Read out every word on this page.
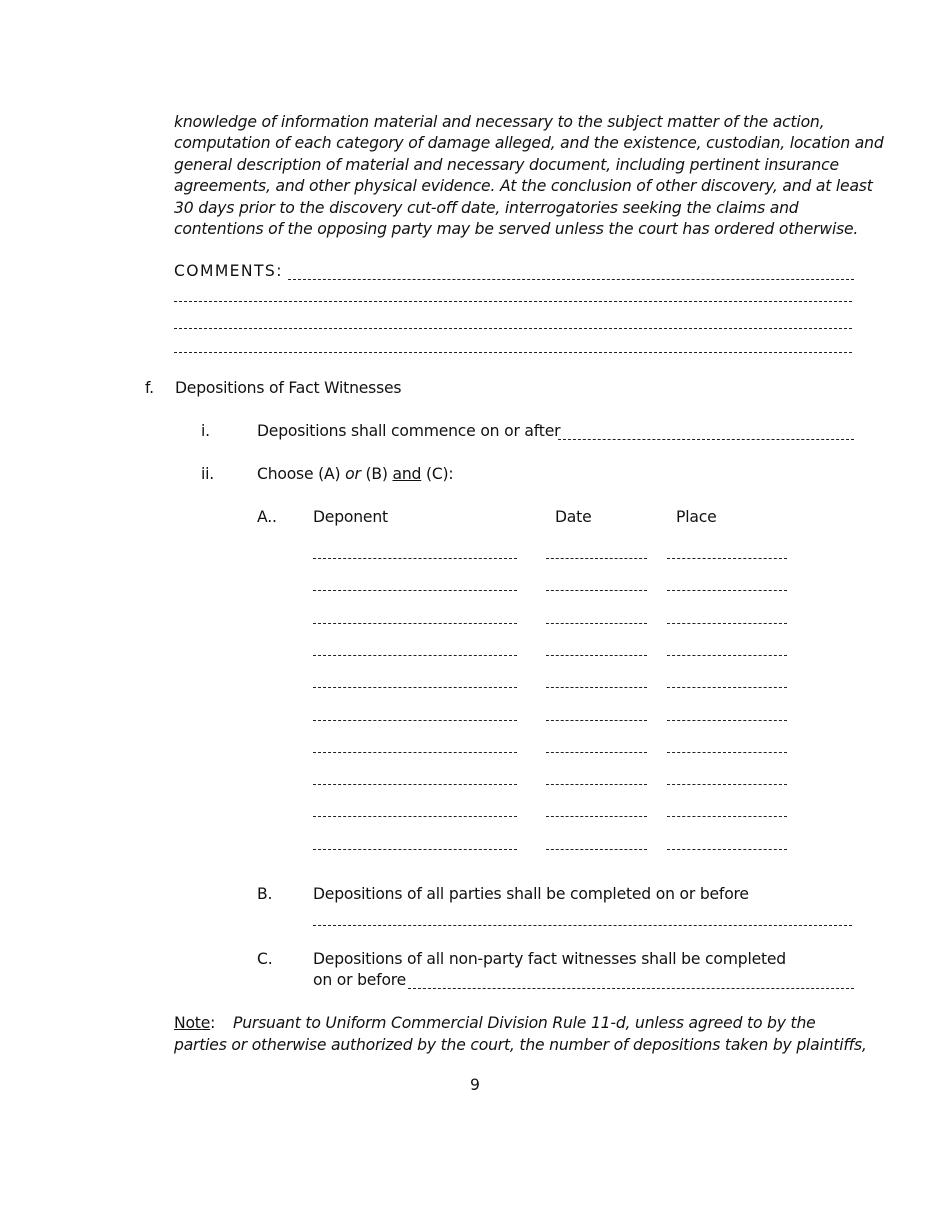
knowledge of information material and necessary to the subject matter of the action,
computation of each category of damage alleged, and the existence, custodian, location and
general description of material and necessary document, including pertinent insurance
agreements, and other physical evidence. At the conclusion of other discovery, and at least
30 days prior to the discovery cut-off date, interrogatories seeking the claims and
contentions of the opposing party may be served unless the court has ordered otherwise.
COMMENTS:
f. Depositions of Fact Witnesses
i.	Depositions shall commence on or after
ii.	Choose (A) or (B) and (C):
A.. Deponent	Date	Place
B.	Depositions of all parties shall be completed on or before
C.	Depositions of all non-party fact witnesses shall be completed
on or before
Note: Pursuant to Uniform Commercial Division Rule 11-d, unless agreed to by the
parties or otherwise authorized by the court, the number of depositions taken by plaintiffs,
9
